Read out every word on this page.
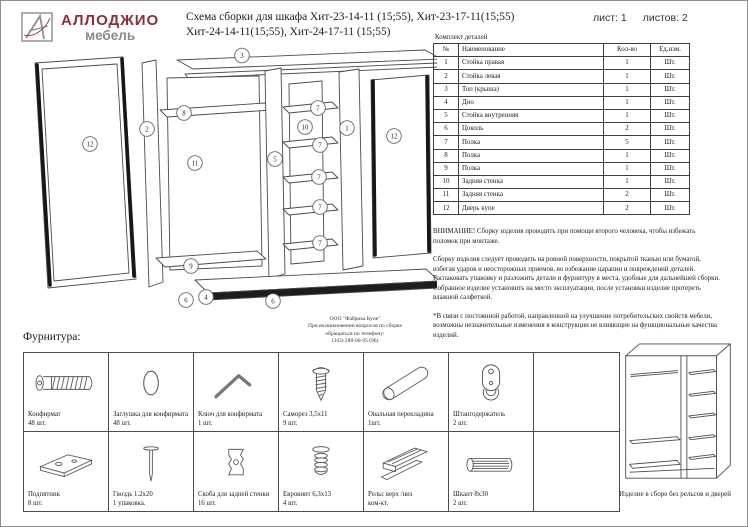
АЛЛОДЖИО
мебель
Схема сборки для шкафа Хит-23-14-11 (15;55), Хит-23-17-11(15;55)
Хит-24-14-11(15;55), Хит-24-17-11 (15;55)
лист: 1 листов: 2
3
12
2
8
11
9
5
10
7
7
7
7
7
1
12
6 4
6
ООО "Фабрика Купе"
При возникновении вопросов по сборке
обращаться по телефону:
(343) 288-00-95 (96)
Комплект деталей
№	Наименование	Кол-во	Ед.изм.
1	Стойка правая	1	Шт.
2	Стойка левая	1	Шт.
3	Топ (крыша)	1	Шт.
4	Дно	1	Шт.
5	Стойка внутренняя	1	Шт.
6	Цоколь	2	Шт.
7	Полка	5	Шт.
8	Полка	1	Шт.
9	Полка	1	Шт.
10	Задняя стенка	1	Шт.
11	Задняя стенка	2	Шт.
12	Дверь купе	2	Шт.

ВНИМАНИЕ! Сборку изделия проводить при помощи второго человека, чтобы избежать поломок при монтаже.

Сборку изделия следует проводить на ровной поверхности, покрытой тканью или бумагой, избегая ударов и неосторожных приемов, во избежание царапин и повреждений деталей.

Распаковать упаковку и разложить детали и фурнитуру в места, удобные для дальнейшей сборки.

Собранное изделие установить на место эксплуатации, после установки изделие протереть влажной салфеткой.

*В связи с постоянной работой, направленной на улучшение потребительских свойств мебели, возможны незначительные изменения в конструкции не влияющие на функциональные качества изделий.

Фурнитура:
Конфирмат
48 шт.
Заглушка для конфирмата
48 шт.
Ключ для конфирмата
1 шт.
Саморез 3,5х11
9 шт.
Овальная перекладина
1шт.
Штангодержатель
2 шт.
Подпятник
8 шт.
Гвоздь 1.2х20
1 упаковка.
Скоба для задней стенки
16 шт.
Евровинт 6,3х13
4 шт.
Рельс верх /низ
ком-кт.
Шкант 8х30
2 шт.
Изделие в сборе без рельсов и дверей
